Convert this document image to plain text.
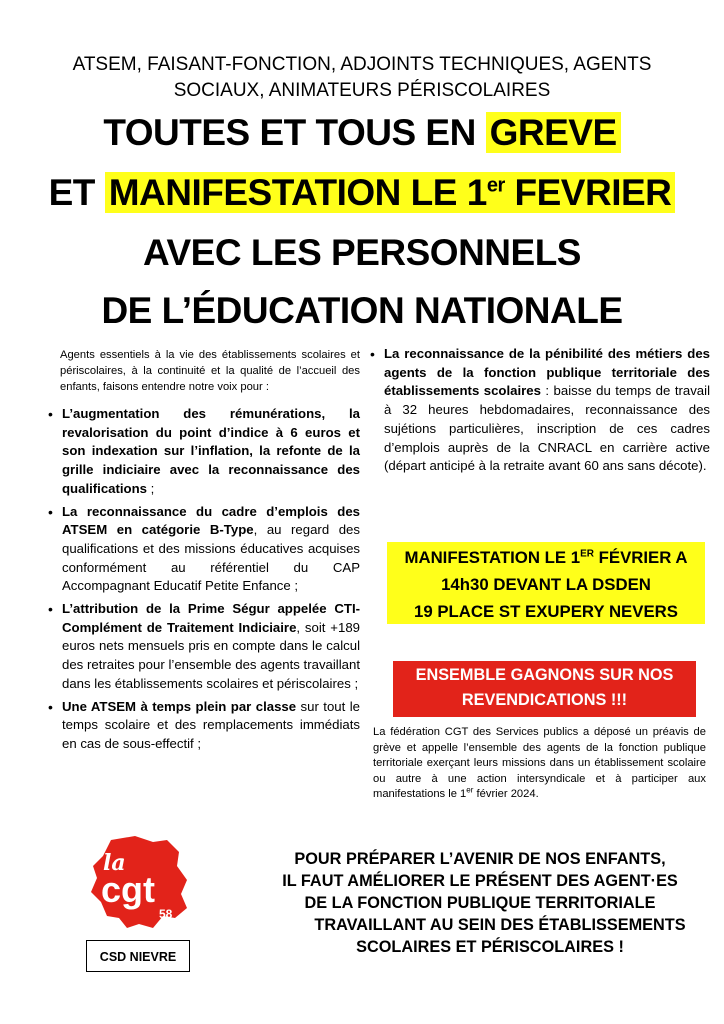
ATSEM, FAISANT-FONCTION, ADJOINTS TECHNIQUES, AGENTS
SOCIAUX, ANIMATEURS PÉRISCOLAIRES
TOUTES ET TOUS EN GREVE
ET MANIFESTATION LE 1er FEVRIER
AVEC LES PERSONNELS
DE L’ÉDUCATION NATIONALE
Agents essentiels à la vie des établissements scolaires et périscolaires, à la continuité et la qualité de l’accueil des enfants, faisons entendre notre voix pour :
• L’augmentation des rémunérations, la revalorisation du point d’indice à 6 euros et son indexation sur l’inflation, la refonte de la grille indiciaire avec la reconnaissance des qualifications ;
• La reconnaissance du cadre d’emplois des ATSEM en catégorie B-Type, au regard des qualifications et des missions éducatives acquises conformément au référentiel du CAP Accompagnant Educatif Petite Enfance ;
• L’attribution de la Prime Ségur appelée CTI-Complément de Traitement Indiciaire, soit +189 euros nets mensuels pris en compte dans le calcul des retraites pour l’ensemble des agents travaillant dans les établissements scolaires et périscolaires ;
• Une ATSEM à temps plein par classe sur tout le temps scolaire et des remplacements immédiats en cas de sous-effectif ;
• La reconnaissance de la pénibilité des métiers des agents de la fonction publique territoriale des établissements scolaires : baisse du temps de travail à 32 heures hebdomadaires, reconnaissance des sujétions particulières, inscription de ces cadres d’emplois auprès de la CNRACL en carrière active (départ anticipé à la retraite avant 60 ans sans décote).
MANIFESTATION LE 1ER FÉVRIER A
14h30 DEVANT LA DSDEN
19 PLACE ST EXUPERY NEVERS
ENSEMBLE GAGNONS SUR NOS
REVENDICATIONS !!!
La fédération CGT des Services publics a déposé un préavis de grève et appelle l’ensemble des agents de la fonction publique territoriale exerçant leurs missions dans un établissement scolaire ou autre à une action intersyndicale et à participer aux manifestations le 1er février 2024.
la
cgt
58
CSD NIEVRE
POUR PRÉPARER L’AVENIR DE NOS ENFANTS,
IL FAUT AMÉLIORER LE PRÉSENT DES AGENT·ES
DE LA FONCTION PUBLIQUE TERRITORIALE
TRAVAILLANT AU SEIN DES ÉTABLISSEMENTS
SCOLAIRES ET PÉRISCOLAIRES !
